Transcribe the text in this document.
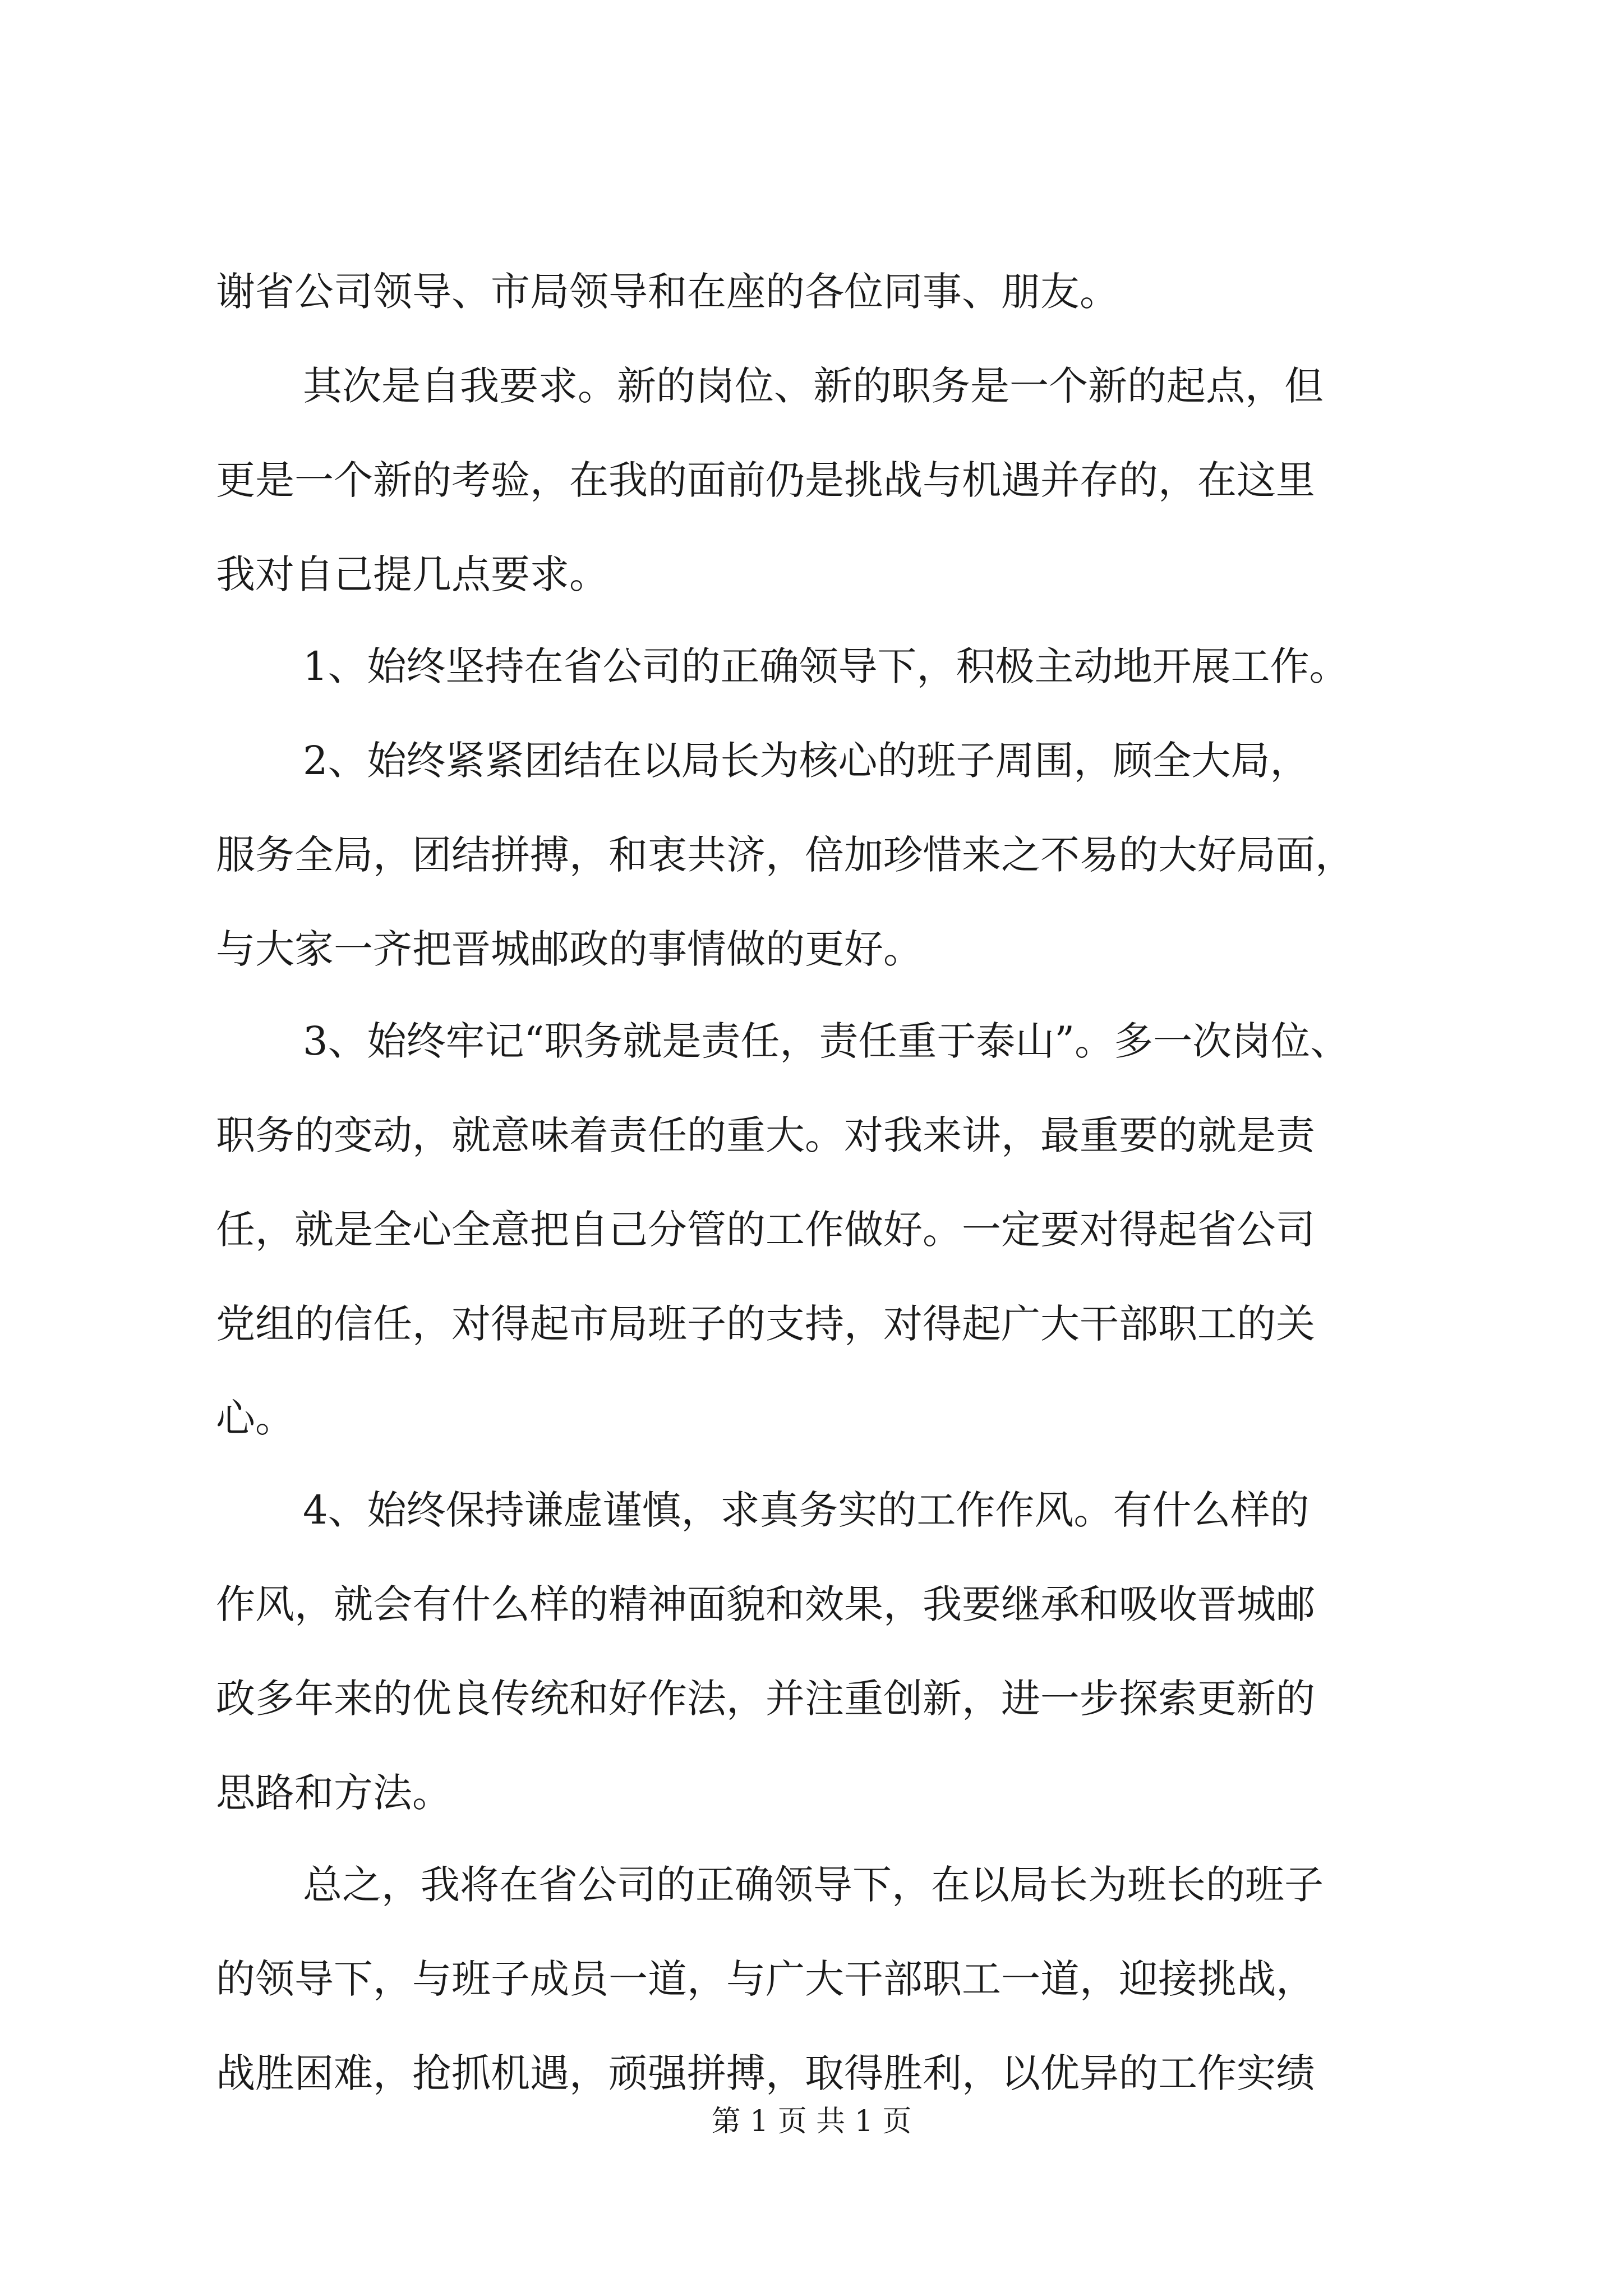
谢省公司领导、市局领导和在座的各位同事、朋友。

其次是自我要求。新的岗位、新的职务是一个新的起点，但

更是一个新的考验，在我的面前仍是挑战与机遇并存的，在这里

我对自己提几点要求。

1、始终坚持在省公司的正确领导下，积极主动地开展工作。

2、始终紧紧团结在以局长为核心的班子周围，顾全大局，

服务全局，团结拼搏，和衷共济，倍加珍惜来之不易的大好局面，

与大家一齐把晋城邮政的事情做的更好。

3、始终牢记“职务就是责任，责任重于泰山”。多一次岗位、

职务的变动，就意味着责任的重大。对我来讲，最重要的就是责

任，就是全心全意把自己分管的工作做好。一定要对得起省公司

党组的信任，对得起市局班子的支持，对得起广大干部职工的关

心。

4、始终保持谦虚谨慎，求真务实的工作作风。有什么样的

作风，就会有什么样的精神面貌和效果，我要继承和吸收晋城邮

政多年来的优良传统和好作法，并注重创新，进一步探索更新的

思路和方法。

总之，我将在省公司的正确领导下，在以局长为班长的班子

的领导下，与班子成员一道，与广大干部职工一道，迎接挑战，

战胜困难，抢抓机遇，顽强拼搏，取得胜利，以优异的工作实绩

第 1 页 共 1 页
